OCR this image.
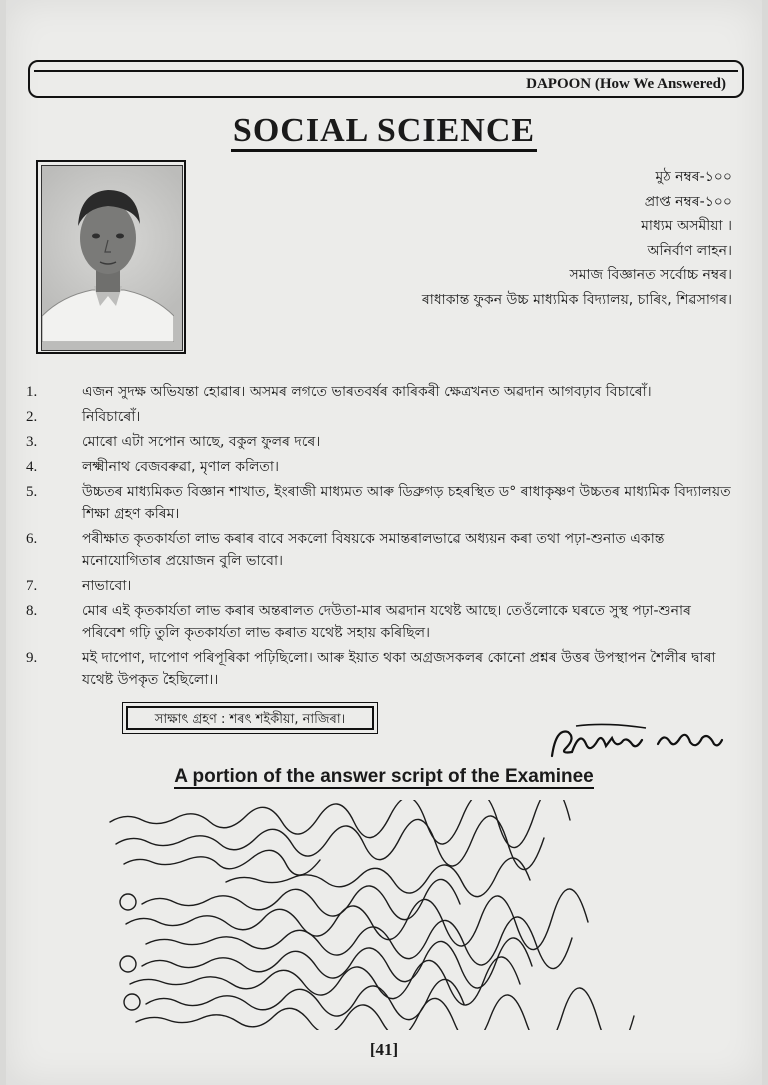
DAPOON (How We Answered)
SOCIAL SCIENCE
মুঠ নম্বৰ-১০০
প্ৰাপ্ত নম্বৰ-১০০
মাধ্যম অসমীয়া ।
অনিৰ্বাণ লাহন।
সমাজ বিজ্ঞানত সৰ্বোচ্চ নম্বৰ।
ৰাধাকান্ত ফুকন উচ্চ মাধ্যমিক বিদ্যালয়, চাৰিং, শিৱসাগৰ।
1.	এজন সুদক্ষ অভিযন্তা হোৱাৰ। অসমৰ লগতে ভাৰতবৰ্ষৰ কাৰিকৰী ক্ষেত্ৰখনত অৱদান আগবঢ়াব বিচাৰোঁ।
2.	নিবিচাৰোঁ।
3.	মোৰো এটা সপোন আছে, বকুল ফুলৰ দৰে।
4.	লক্ষ্মীনাথ বেজবৰুৱা, মৃণাল কলিতা।
5.	উচ্চতৰ মাধ্যমিকত বিজ্ঞান শাখাত, ইংৰাজী মাধ্যমত আৰু ডিব্ৰুগড় চহৰস্থিত ড° ৰাধাকৃষ্ণণ উচ্চতৰ মাধ্যমিক বিদ্যালয়ত শিক্ষা গ্ৰহণ কৰিম।
6.	পৰীক্ষাত কৃতকাৰ্যতা লাভ কৰাৰ বাবে সকলো বিষয়কে সমান্তৰালভাৱে অধ্যয়ন কৰা তথা পঢ়া-শুনাত একান্ত মনোযোগিতাৰ প্ৰয়োজন বুলি ভাবো।
7.	নাভাবো।
8.	মোৰ এই কৃতকাৰ্যতা লাভ কৰাৰ অন্তৰালত দেউতা-মাৰ অৱদান যথেষ্ট আছে। তেওঁলোকে ঘৰতে সুস্থ পঢ়া-শুনাৰ পৰিবেশ গঢ়ি তুলি কৃতকাৰ্যতা লাভ কৰাত যথেষ্ট সহায় কৰিছিল।
9.	মই দাপোণ, দাপোণ পৰিপূৰিকা পঢ়িছিলো। আৰু ইয়াত থকা অগ্ৰজসকলৰ কোনো প্ৰশ্নৰ উত্তৰ উপস্থাপন শৈলীৰ দ্বাৰা যথেষ্ট উপকৃত হৈছিলো।।
সাক্ষাৎ গ্ৰহণ : শৰৎ শইকীয়া, নাজিৰা।
A portion of the answer script of the Examinee
[41]
